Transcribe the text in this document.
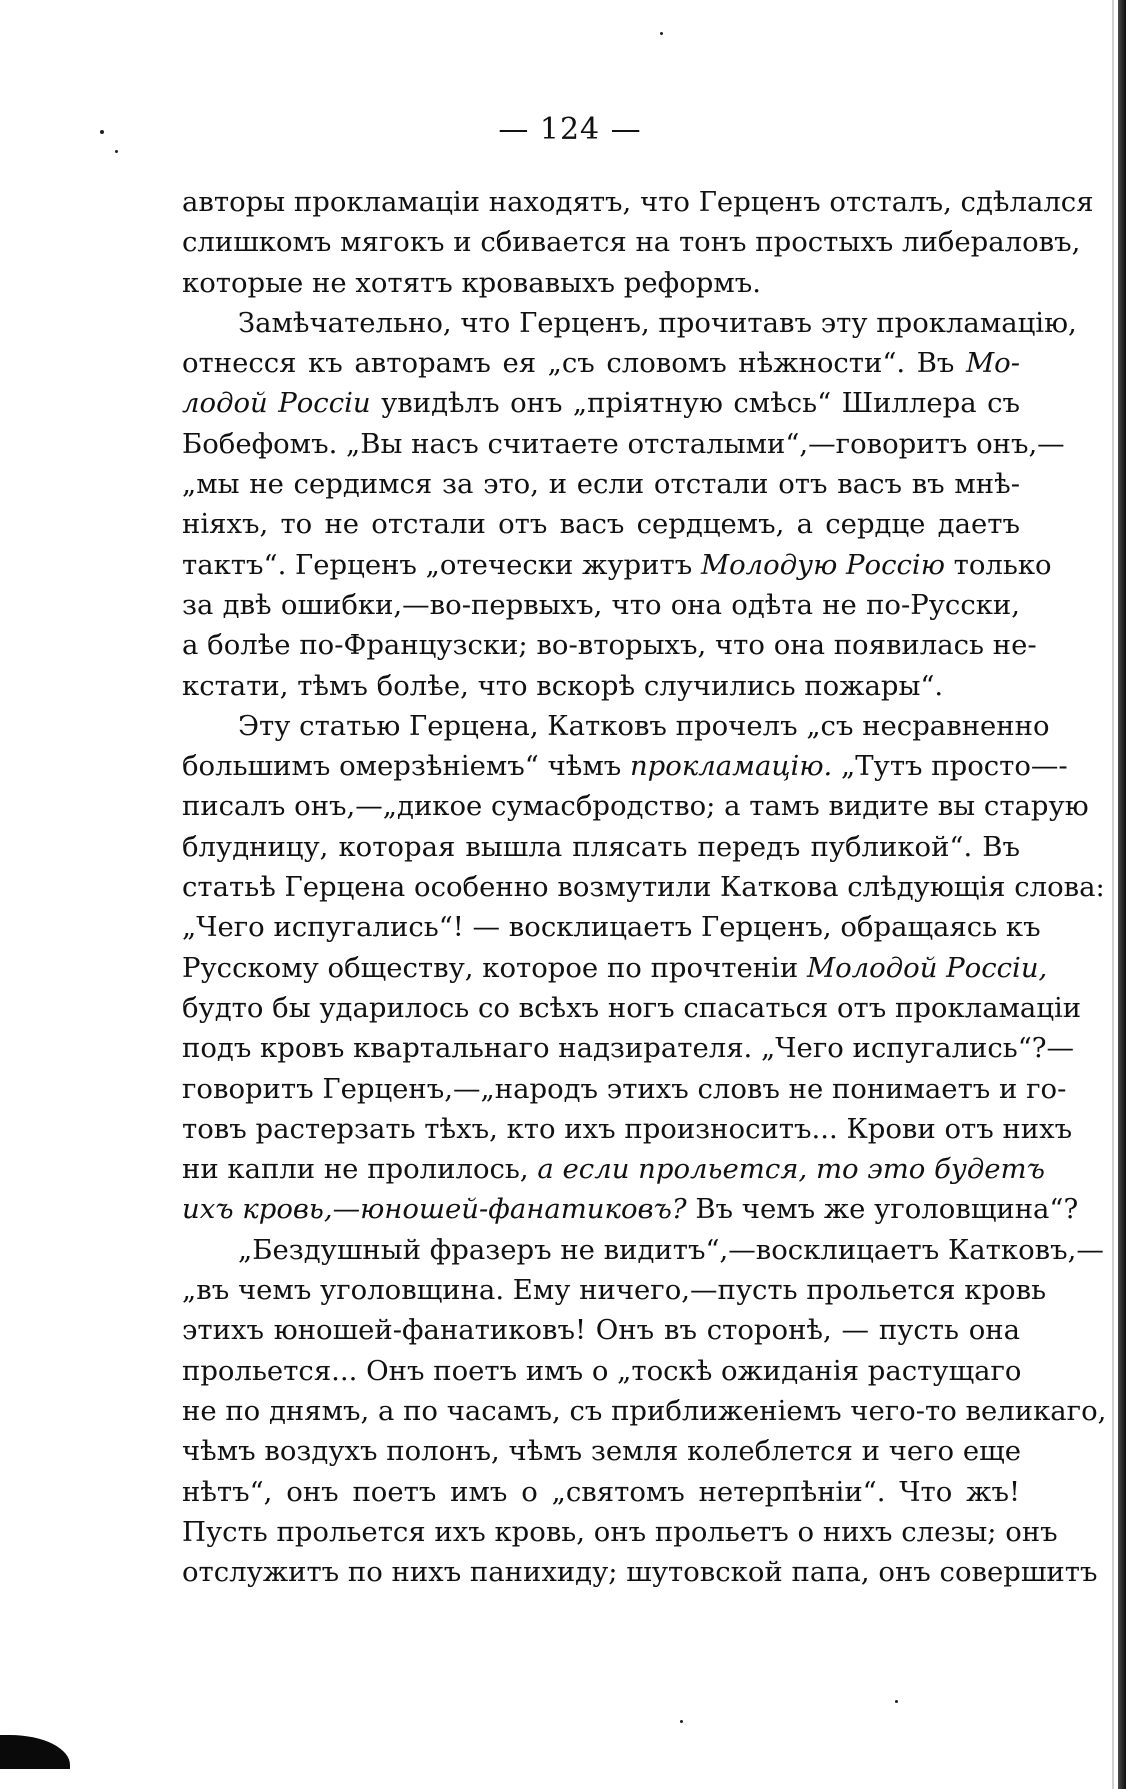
— 124 —
авторы прокламаціи находятъ, что Герценъ отсталъ, сдѣлался
слишкомъ мягокъ и сбивается на тонъ простыхъ либераловъ,
которые не хотятъ кровавыхъ реформъ.
Замѣчательно, что Герценъ, прочитавъ эту прокламацію,
отнесся къ авторамъ ея „съ словомъ нѣжности“. Въ Мо-
лодой Россіи увидѣлъ онъ „пріятную смѣсь“ Шиллера съ
Бобефомъ. „Вы насъ считаете отсталыми“,—говоритъ онъ,—
„мы не сердимся за это, и если отстали отъ васъ въ мнѣ-
ніяхъ, то не отстали отъ васъ сердцемъ, а сердце даетъ
тактъ“. Герценъ „отечески журитъ Молодую Россію только
за двѣ ошибки,—во-первыхъ, что она одѣта не по-Русски,
а болѣе по-Французски; во-вторыхъ, что она появилась не-
кстати, тѣмъ болѣе, что вскорѣ случились пожары“.
Эту статью Герцена, Катковъ прочелъ „съ несравненно
большимъ омерзѣніемъ“ чѣмъ прокламацію. „Тутъ просто—-
писалъ онъ,—„дикое сумасбродство; а тамъ видите вы старую
блудницу, которая вышла плясать передъ публикой“. Въ
статьѣ Герцена особенно возмутили Каткова слѣдующія слова:
„Чего испугались“! — восклицаетъ Герценъ, обращаясь къ
Русскому обществу, которое по прочтеніи Молодой Россіи,
будто бы ударилось со всѣхъ ногъ спасаться отъ прокламаціи
подъ кровъ квартальнаго надзирателя. „Чего испугались“?—
говоритъ Герценъ,—„народъ этихъ словъ не понимаетъ и го-
товъ растерзать тѣхъ, кто ихъ произноситъ... Крови отъ нихъ
ни капли не пролилось, а если прольется, то это будетъ
ихъ кровь,—юношей-фанатиковъ? Въ чемъ же уголовщина“?
„Бездушный фразеръ не видитъ“,—восклицаетъ Катковъ,—
„въ чемъ уголовщина. Ему ничего,—пусть прольется кровь
этихъ юношей-фанатиковъ! Онъ въ сторонѣ, — пусть она
прольется... Онъ поетъ имъ о „тоскѣ ожиданія растущаго
не по днямъ, а по часамъ, съ приближеніемъ чего-то великаго,
чѣмъ воздухъ полонъ, чѣмъ земля колеблется и чего еще
нѣтъ“, онъ поетъ имъ о „святомъ нетерпѣніи“. Что жъ!
Пусть прольется ихъ кровь, онъ прольетъ о нихъ слезы; онъ
отслужитъ по нихъ панихиду; шутовской папа, онъ совершитъ
